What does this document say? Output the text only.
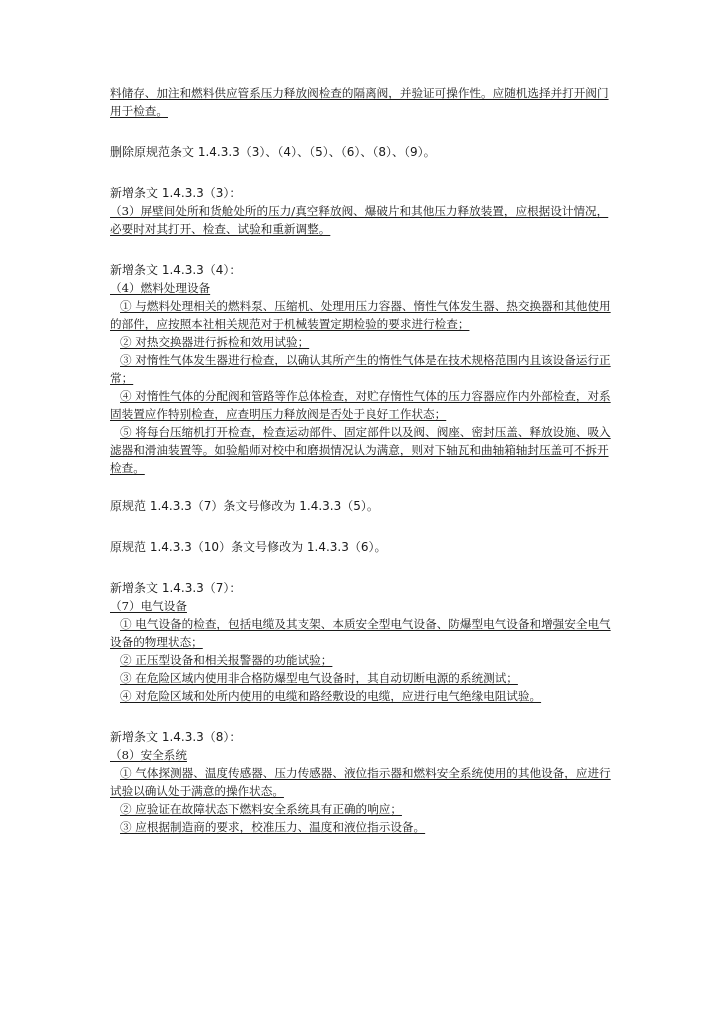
料储存、加注和燃料供应管系压力释放阀检查的隔离阀，并验证可操作性。应随机选择并打开阀门用于检查。

删除原规范条文 1.4.3.3（3）、（4）、（5）、（6）、（8）、（9）。

新增条文 1.4.3.3（3）：

（3）屏壁间处所和货舱处所的压力/真空释放阀、爆破片和其他压力释放装置，应根据设计情况，必要时对其打开、检查、试验和重新调整。

新增条文 1.4.3.3（4）：

（4）燃料处理设备

① 与燃料处理相关的燃料泵、压缩机、处理用压力容器、惰性气体发生器、热交换器和其他使用的部件，应按照本社相关规范对于机械装置定期检验的要求进行检查；

② 对热交换器进行拆检和效用试验；

③ 对惰性气体发生器进行检查，以确认其所产生的惰性气体是在技术规格范围内且该设备运行正常；

④ 对惰性气体的分配阀和管路等作总体检查，对贮存惰性气体的压力容器应作内外部检查，对系固装置应作特别检查，应查明压力释放阀是否处于良好工作状态；

⑤ 将每台压缩机打开检查，检查运动部件、固定部件以及阀、阀座、密封压盖、释放设施、吸入滤器和滑油装置等。如验船师对校中和磨损情况认为满意，则对下轴瓦和曲轴箱轴封压盖可不拆开检查。

原规范 1.4.3.3（7）条文号修改为 1.4.3.3（5）。

原规范 1.4.3.3（10）条文号修改为 1.4.3.3（6）。

新增条文 1.4.3.3（7）：

（7）电气设备

① 电气设备的检查，包括电缆及其支架、本质安全型电气设备、防爆型电气设备和增强安全电气设备的物理状态；

② 正压型设备和相关报警器的功能试验；

③ 在危险区域内使用非合格防爆型电气设备时，其自动切断电源的系统测试；

④ 对危险区域和处所内使用的电缆和路经敷设的电缆，应进行电气绝缘电阻试验。

新增条文 1.4.3.3（8）：

（8）安全系统

① 气体探测器、温度传感器、压力传感器、液位指示器和燃料安全系统使用的其他设备，应进行试验以确认处于满意的操作状态。

② 应验证在故障状态下燃料安全系统具有正确的响应；

③ 应根据制造商的要求，校准压力、温度和液位指示设备。
